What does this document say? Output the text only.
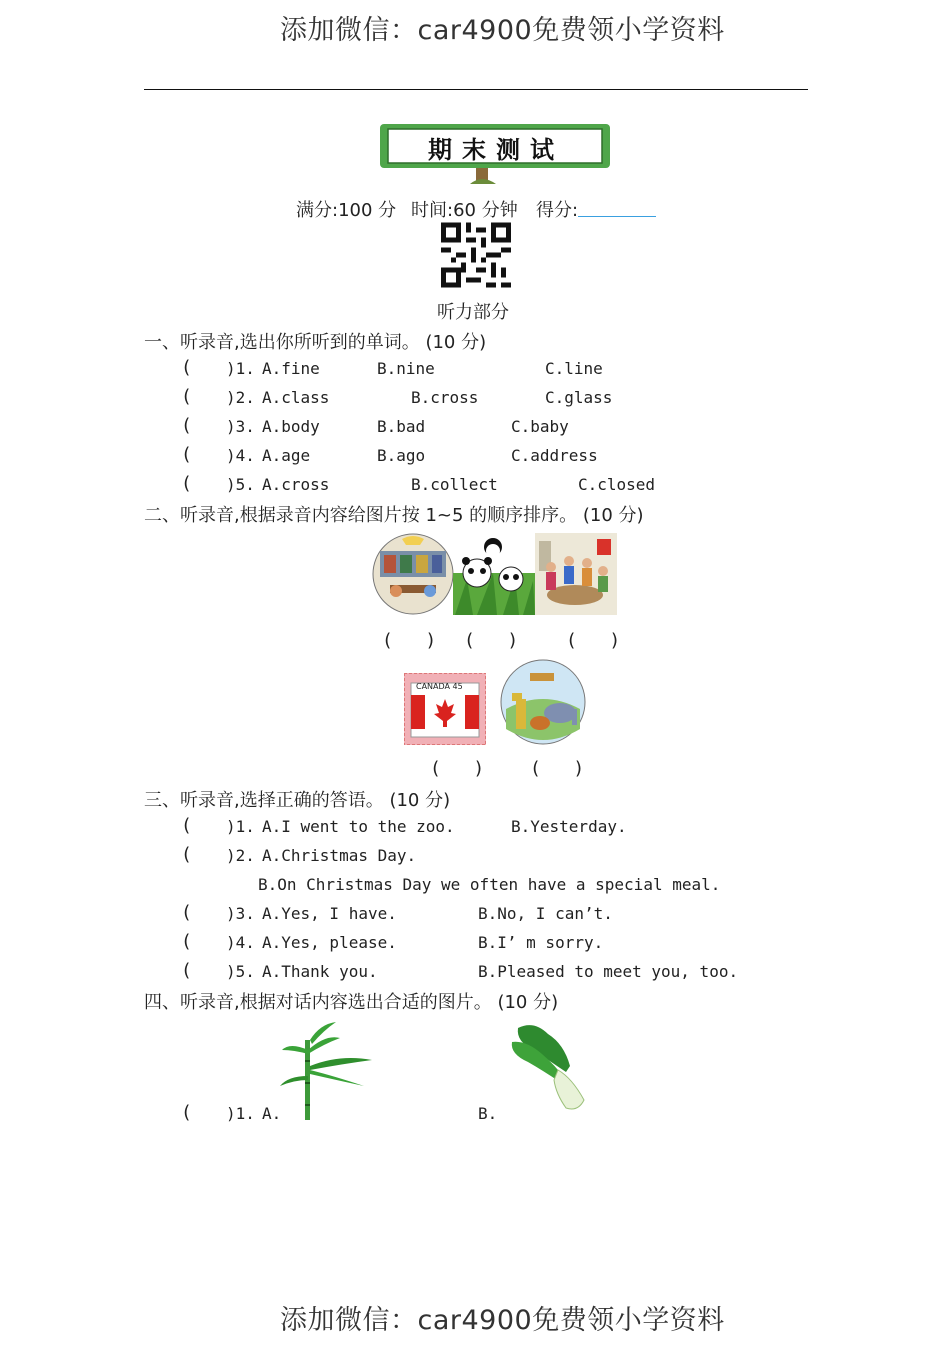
添加微信：car4900免费领小学资料
期末测试
满分:100 分 时间:60 分钟 得分:
听力部分
一、听录音,选出你所听到的单词。 (10 分)
( )1. A.fine	B.nine	C.line
( )2. A.class	B.cross	C.glass
( )3. A.body	B.bad	C.baby
( )4. A.age	B.ago	C.address
( )5. A.cross	B.collect	C.closed
二、听录音,根据录音内容给图片按 1~5 的顺序排序。 (10 分)
(   ) (   )	(   )
CANADA 45
(   )	(   )
三、听录音,选择正确的答语。 (10 分)
( )1. A.I went to the zoo.	B.Yesterday.
( )2. A.Christmas Day.
B.On Christmas Day we often have a special meal.
( )3. A.Yes, I have.	B.No, I can’t.
( )4. A.Yes, please.	B.I’ m sorry.
( )5. A.Thank you.	B.Pleased to meet you, too.
四、听录音,根据对话内容选出合适的图片。 (10 分)
( )1. A.	B.
添加微信：car4900免费领小学资料
